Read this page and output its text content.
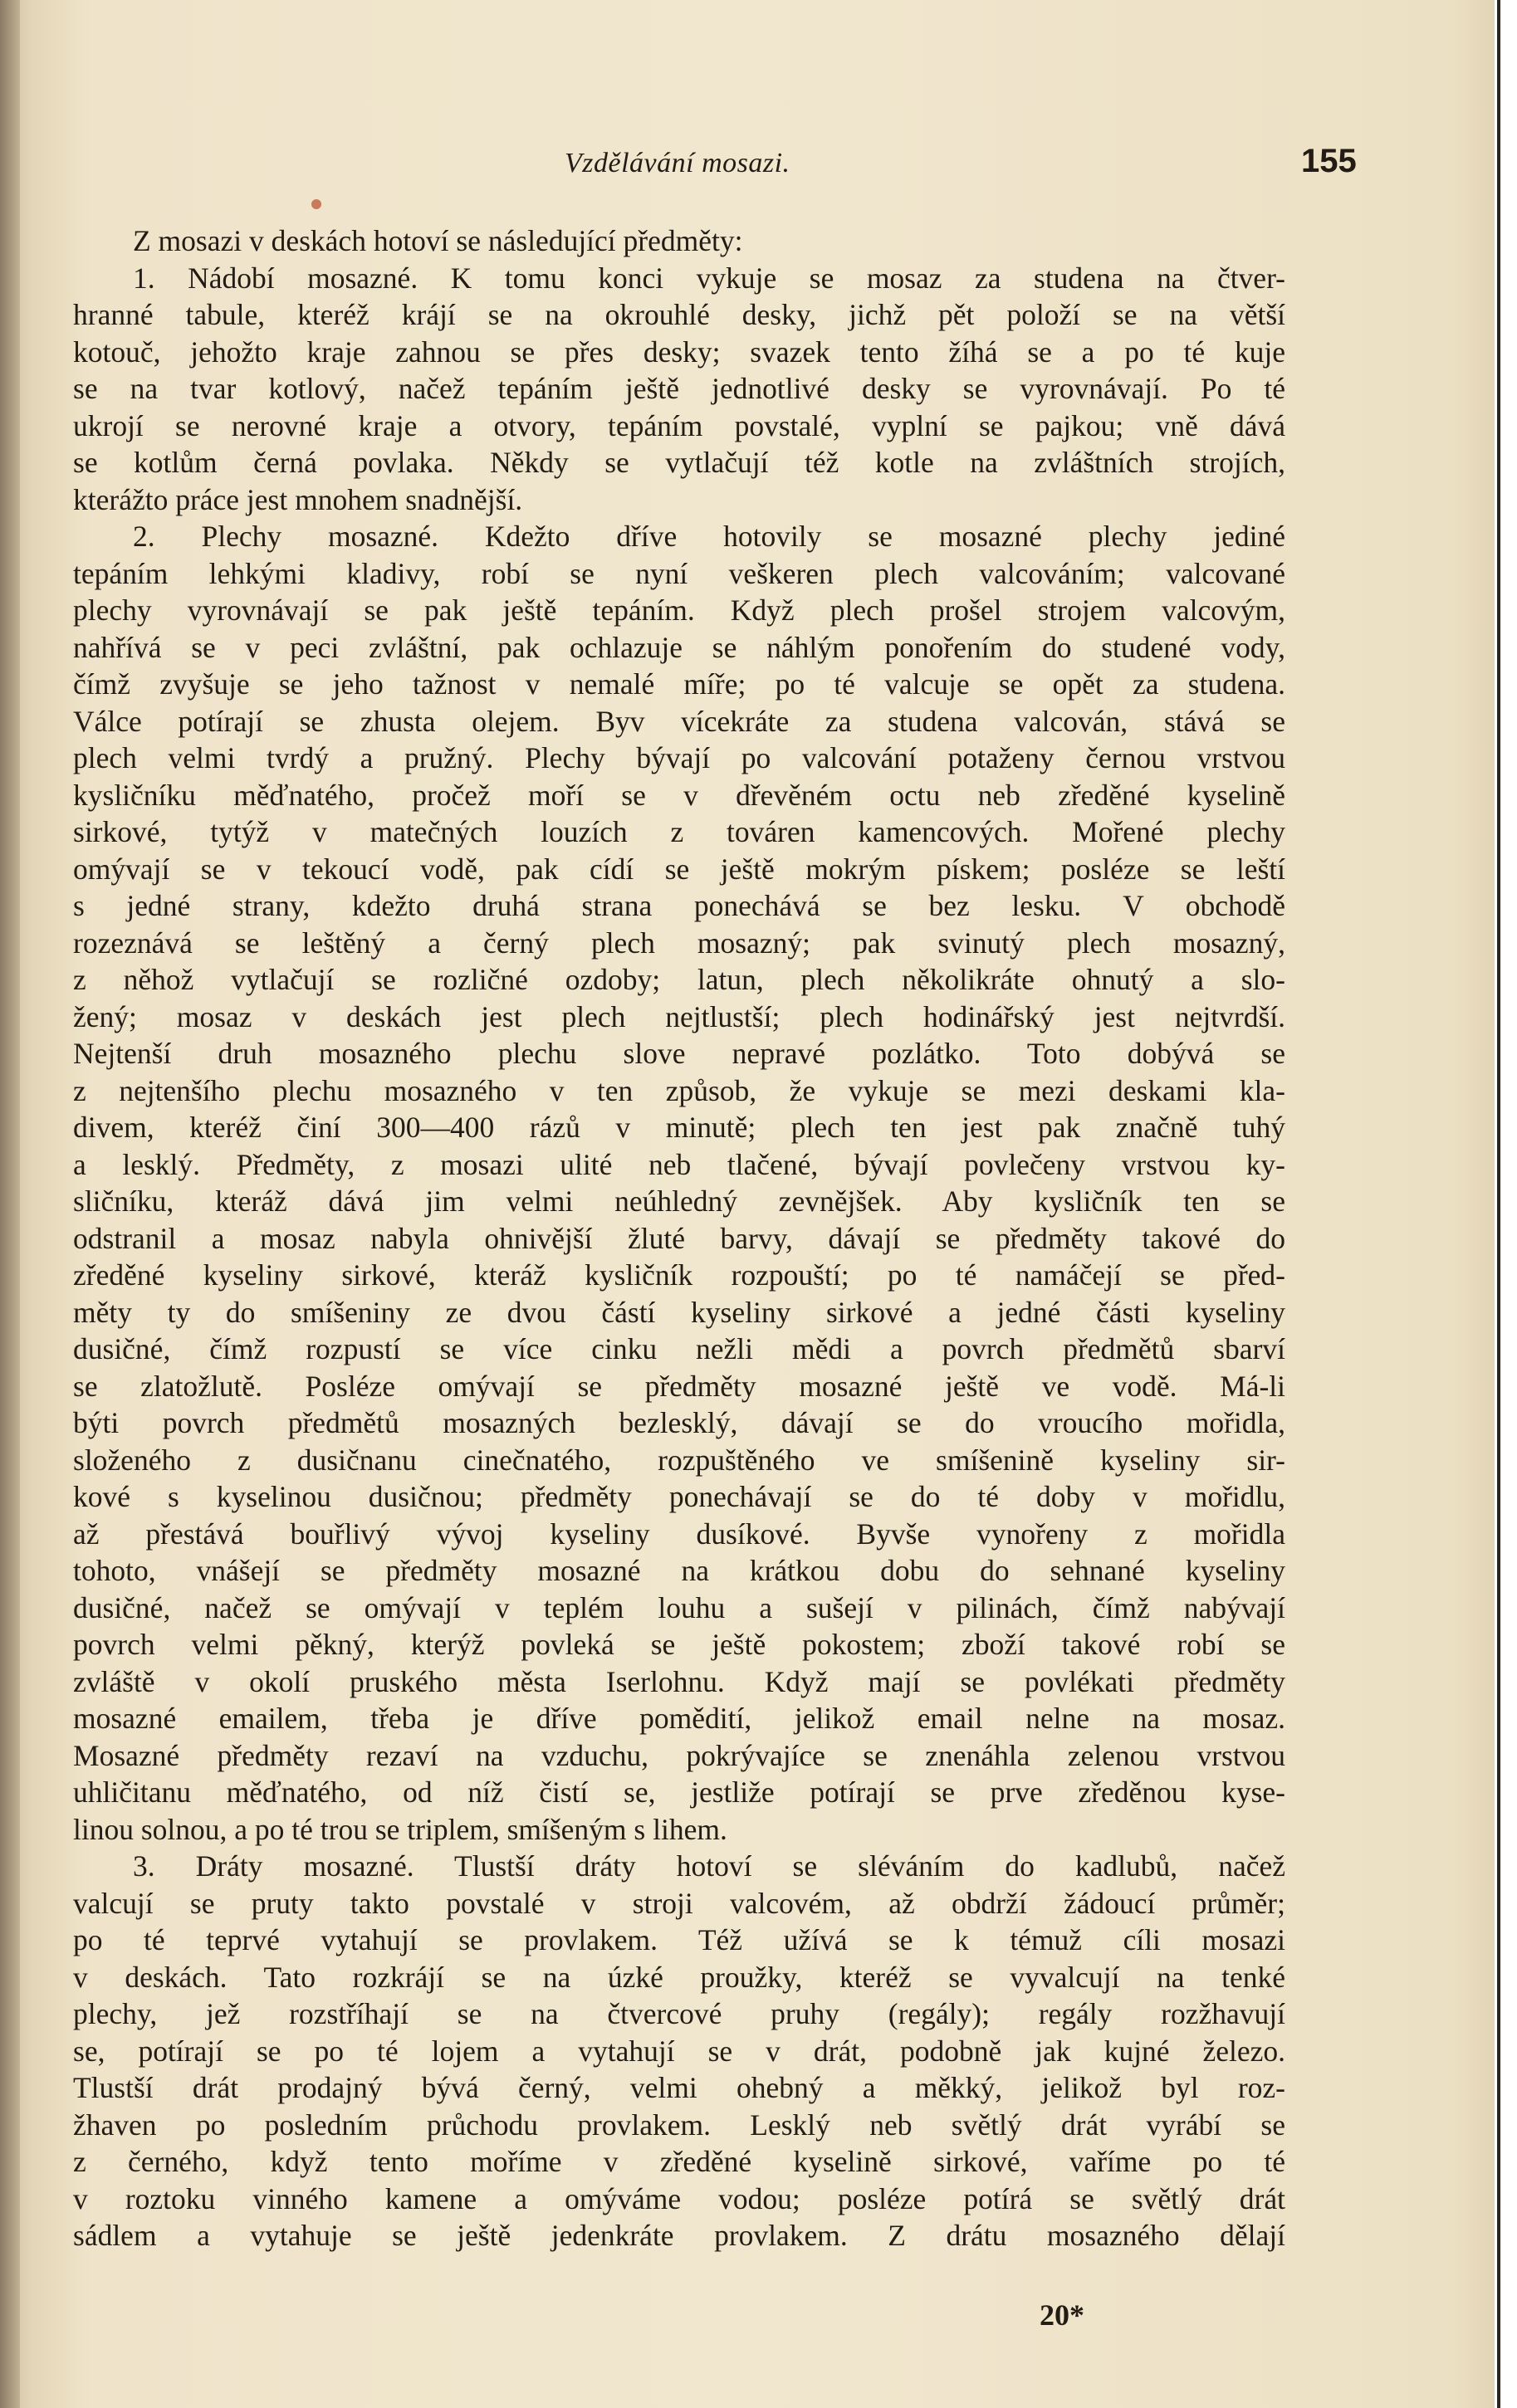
Vzdělávání mosazi.	155
Z mosazi v deskách hotoví se následující předměty:
1. Nádobí mosazné. K tomu konci vykuje se mosaz za studena na čtver-
hranné tabule, kteréž krájí se na okrouhlé desky, jichž pět položí se na větší
kotouč, jehožto kraje zahnou se přes desky; svazek tento žíhá se a po té kuje
se na tvar kotlový, načež tepáním ještě jednotlivé desky se vyrovnávají. Po té
ukrojí se nerovné kraje a otvory, tepáním povstalé, vyplní se pajkou; vně dává
se kotlům černá povlaka. Někdy se vytlačují též kotle na zvláštních strojích,
kterážto práce jest mnohem snadnější.
2. Plechy mosazné. Kdežto dříve hotovily se mosazné plechy jediné
tepáním lehkými kladivy, robí se nyní veškeren plech valcováním; valcované
plechy vyrovnávají se pak ještě tepáním. Když plech prošel strojem valcovým,
nahřívá se v peci zvláštní, pak ochlazuje se náhlým ponořením do studené vody,
čímž zvyšuje se jeho tažnost v nemalé míře; po té valcuje se opět za studena.
Válce potírají se zhusta olejem. Byv vícekráte za studena valcován, stává se
plech velmi tvrdý a pružný. Plechy bývají po valcování potaženy černou vrstvou
kysličníku měďnatého, pročež moří se v dřevěném octu neb zředěné kyselině
sirkové, tytýž v matečných louzích z továren kamencových. Mořené plechy
omývají se v tekoucí vodě, pak cídí se ještě mokrým pískem; posléze se leští
s jedné strany, kdežto druhá strana ponechává se bez lesku. V obchodě
rozeznává se leštěný a černý plech mosazný; pak svinutý plech mosazný,
z něhož vytlačují se rozličné ozdoby; latun, plech několikráte ohnutý a slo-
žený; mosaz v deskách jest plech nejtlustší; plech hodinářský jest nejtvrdší.
Nejtenší druh mosazného plechu slove nepravé pozlátko. Toto dobývá se
z nejtenšího plechu mosazného v ten způsob, že vykuje se mezi deskami kla-
divem, kteréž činí 300—400 rázů v minutě; plech ten jest pak značně tuhý
a lesklý. Předměty, z mosazi ulité neb tlačené, bývají povlečeny vrstvou ky-
sličníku, kteráž dává jim velmi neúhledný zevnějšek. Aby kysličník ten se
odstranil a mosaz nabyla ohnivější žluté barvy, dávají se předměty takové do
zředěné kyseliny sirkové, kteráž kysličník rozpouští; po té namáčejí se před-
měty ty do smíšeniny ze dvou částí kyseliny sirkové a jedné části kyseliny
dusičné, čímž rozpustí se více cinku nežli mědi a povrch předmětů sbarví
se zlatožlutě. Posléze omývají se předměty mosazné ještě ve vodě. Má-li
býti povrch předmětů mosazných bezlesklý, dávají se do vroucího mořidla,
složeného z dusičnanu cinečnatého, rozpuštěného ve smíšenině kyseliny sir-
kové s kyselinou dusičnou; předměty ponechávají se do té doby v mořidlu,
až přestává bouřlivý vývoj kyseliny dusíkové. Byvše vynořeny z mořidla
tohoto, vnášejí se předměty mosazné na krátkou dobu do sehnané kyseliny
dusičné, načež se omývají v teplém louhu a sušejí v pilinách, čímž nabývají
povrch velmi pěkný, kterýž povleká se ještě pokostem; zboží takové robí se
zvláště v okolí pruského města Iserlohnu. Když mají se povlékati předměty
mosazné emailem, třeba je dříve pomědití, jelikož email nelne na mosaz.
Mosazné předměty rezaví na vzduchu, pokrývajíce se znenáhla zelenou vrstvou
uhličitanu měďnatého, od níž čistí se, jestliže potírají se prve zředěnou kyse-
linou solnou, a po té trou se triplem, smíšeným s lihem.
3. Dráty mosazné. Tlustší dráty hotoví se sléváním do kadlubů, načež
valcují se pruty takto povstalé v stroji valcovém, až obdrží žádoucí průměr;
po té teprvé vytahují se provlakem. Též užívá se k témuž cíli mosazi
v deskách. Tato rozkrájí se na úzké proužky, kteréž se vyvalcují na tenké
plechy, jež rozstříhají se na čtvercové pruhy (regály); regály rozžhavují
se, potírají se po té lojem a vytahují se v drát, podobně jak kujné železo.
Tlustší drát prodajný bývá černý, velmi ohebný a měkký, jelikož byl roz-
žhaven po posledním průchodu provlakem. Lesklý neb světlý drát vyrábí se
z černého, když tento moříme v zředěné kyselině sirkové, vaříme po té
v roztoku vinného kamene a omýváme vodou; posléze potírá se světlý drát
sádlem a vytahuje se ještě jedenkráte provlakem. Z drátu mosazného dělají
20*
